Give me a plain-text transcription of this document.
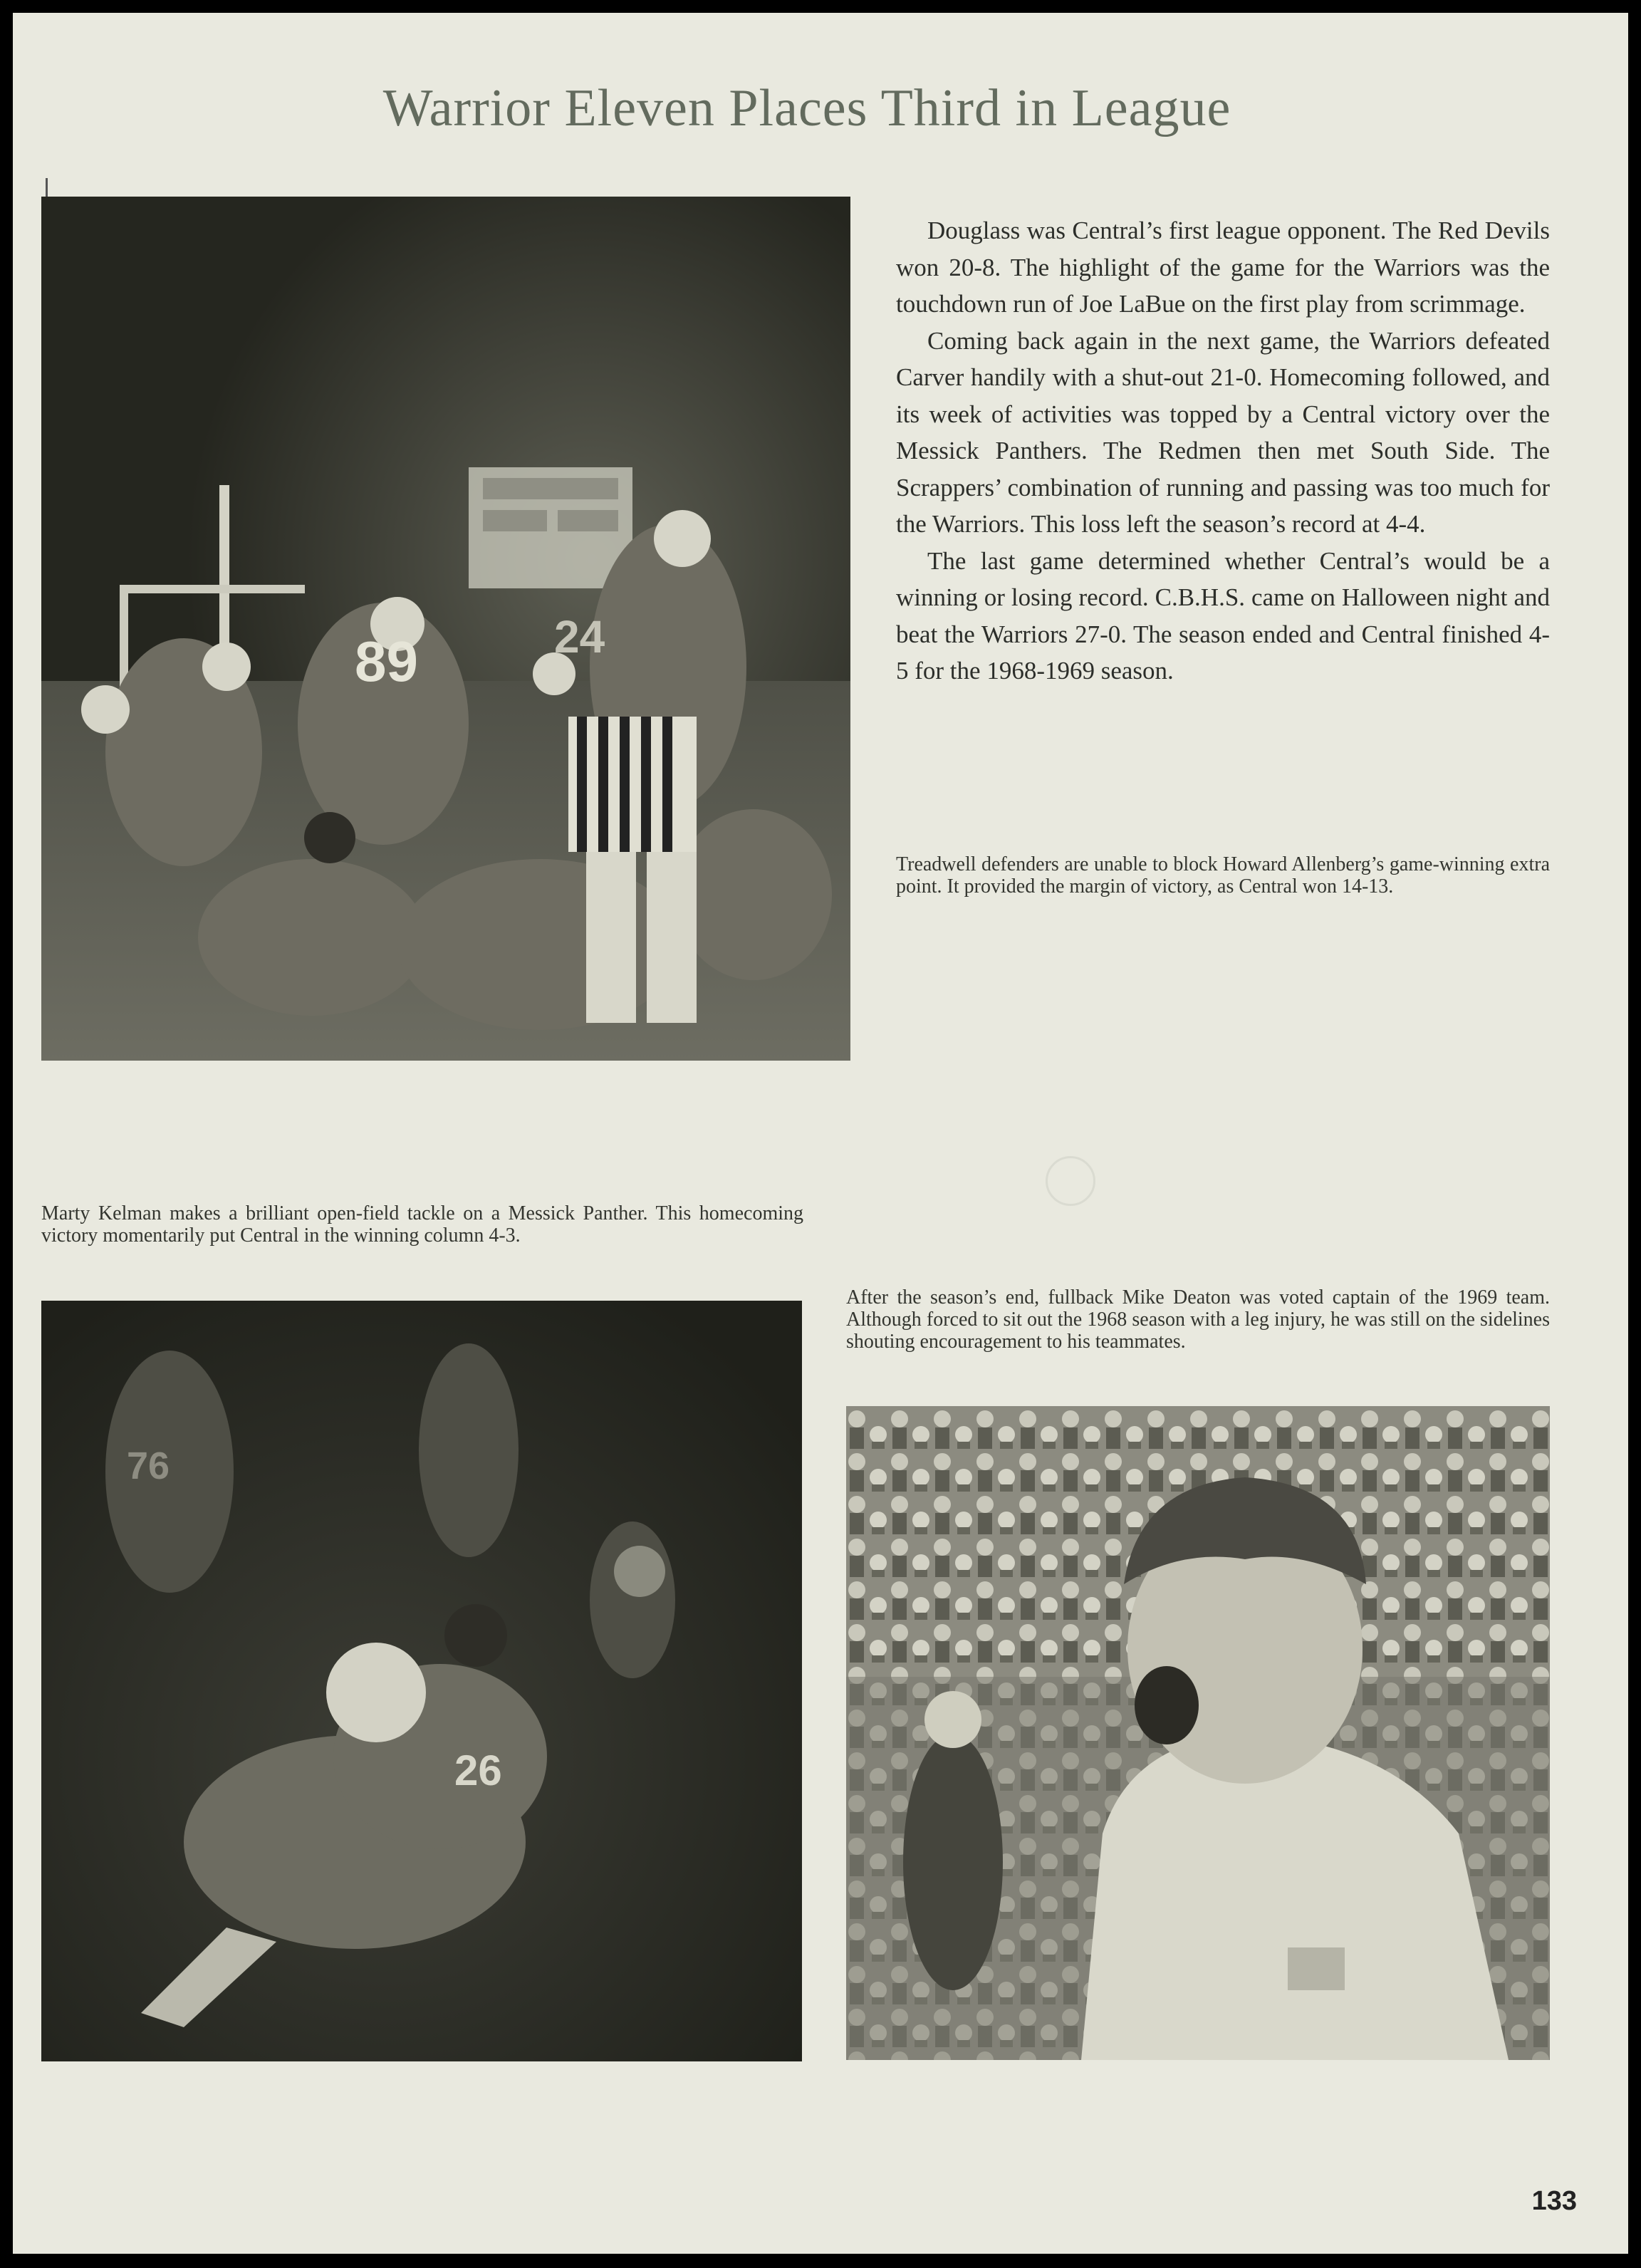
Warrior Eleven Places Third in League
89	24

Douglass was Central’s first league opponent. The Red Devils won 20-8. The highlight of the game for the Warriors was the touchdown run of Joe LaBue on the first play from scrimmage.

Coming back again in the next game, the Warriors defeated Carver handily with a shut-out 21-0. Homecoming followed, and its week of activities was topped by a Central victory over the Messick Panthers. The Redmen then met South Side. The Scrappers’ combination of running and passing was too much for the Warriors. This loss left the season’s record at 4-4.

The last game determined whether Central’s would be a winning or losing record. C.B.H.S. came on Halloween night and beat the Warriors 27-0. The season ended and Central finished 4-5 for the 1968-1969 season.

Treadwell defenders are unable to block Howard Allenberg’s game-winning extra point. It provided the margin of victory, as Central won 14-13.
Marty Kelman makes a brilliant open-field tackle on a Messick Panther. This homecoming victory momentarily put Central in the winning column 4-3.
76
26
After the season’s end, fullback Mike Deaton was voted captain of the 1969 team. Although forced to sit out the 1968 season with a leg injury, he was still on the sidelines shouting encouragement to his teammates.
133
